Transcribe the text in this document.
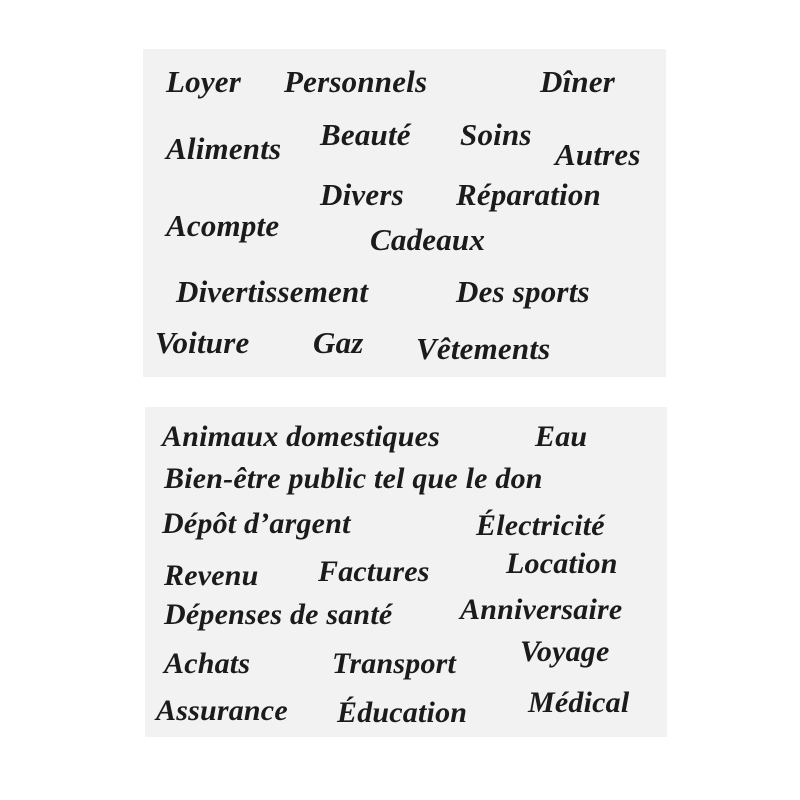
Loyer Personnels	Dîner
Aliments Beauté Soins
Autres
Divers Réparation
Acompte	Cadeaux
Divertissement	Des sports
Voiture Gaz Vêtements
Animaux domestiques	Eau
Bien-être public tel que le don
Dépôt d’argent	Électricité
Revenu Factures	Location
Dépenses de santé Anniversaire
Achats	Transport Voyage
Assurance Éducation Médical
